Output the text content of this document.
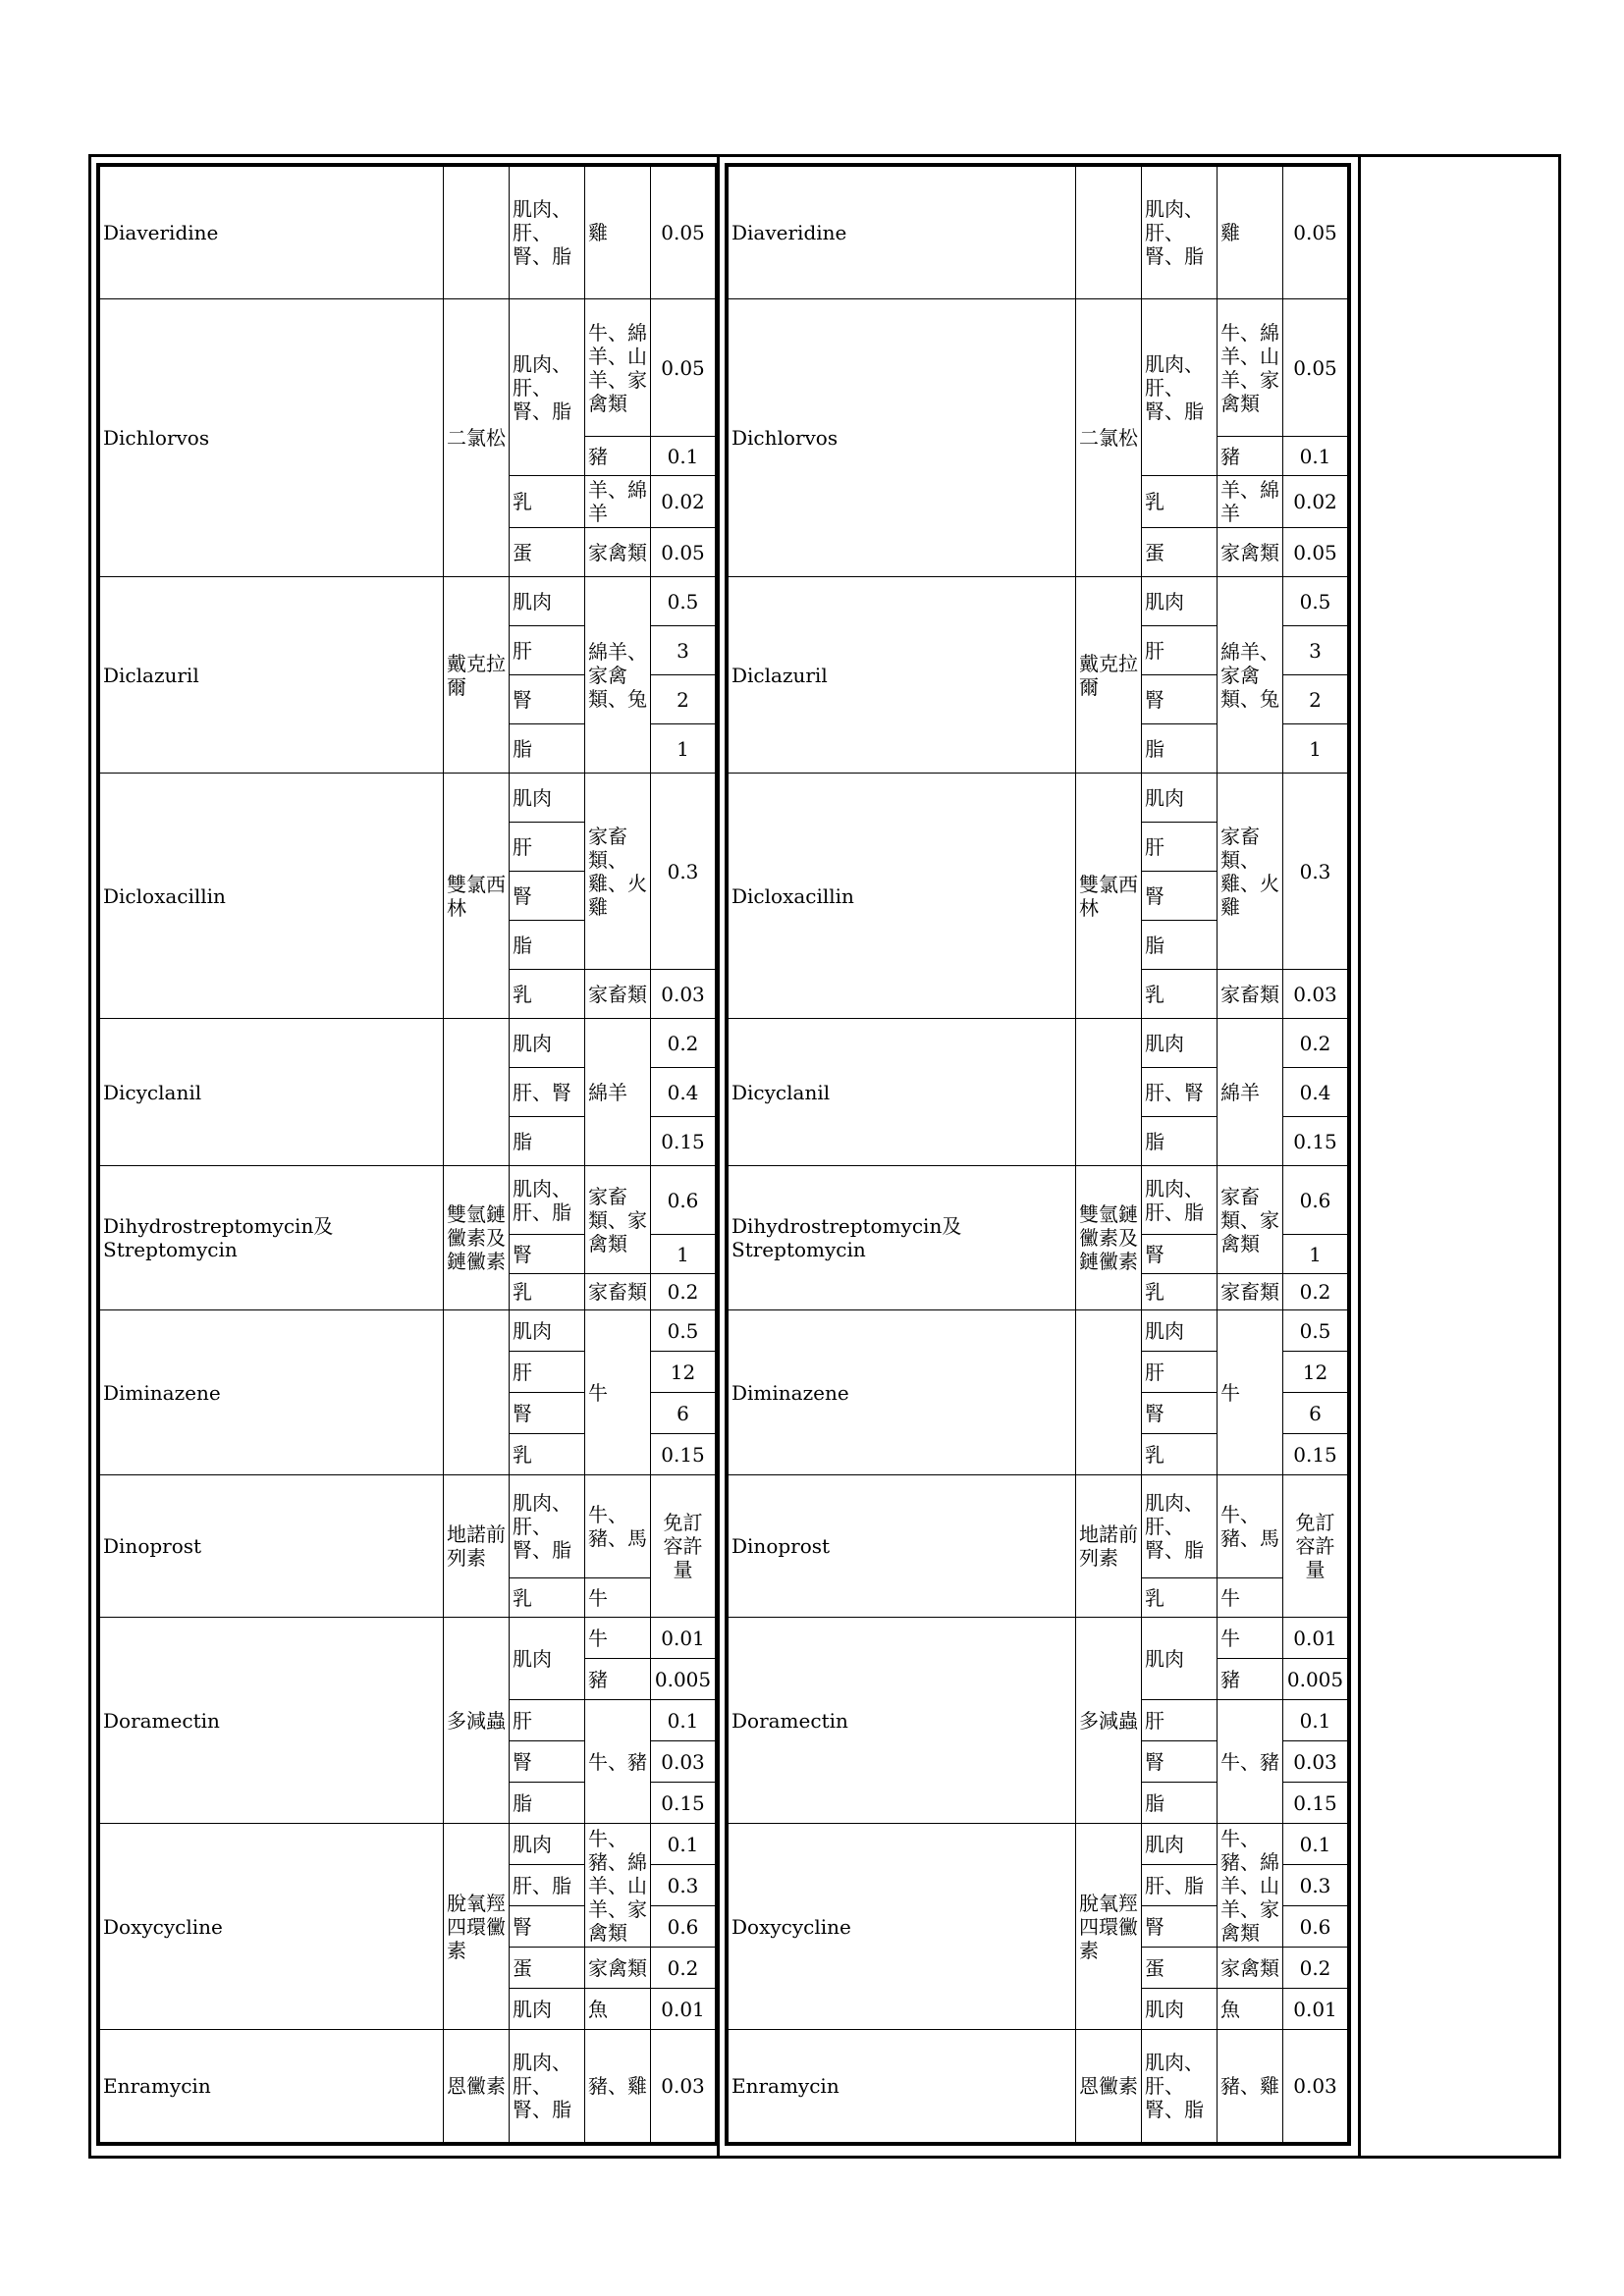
Diaveridine		肌肉、肝、腎、脂	雞	0.05
Dichlorvos	二氯松	肌肉、肝、腎、脂	牛、綿羊、山羊、家禽類	0.05
			豬	0.1
		乳	羊、綿羊	0.02
		蛋	家禽類	0.05
Diclazuril	戴克拉爾	肌肉	綿羊、家禽類、兔	0.5
		肝		3
		腎		2
		脂		1
Dicloxacillin	雙氯西林	肌肉	家畜類、雞、火雞	0.3
		肝		
		腎		
		脂		
		乳	家畜類	0.03
Dicyclanil		肌肉	綿羊	0.2
		肝、腎		0.4
		脂		0.15
Dihydrostreptomycin及Streptomycin	雙氫鏈黴素及鏈黴素	肌肉、肝、脂	家畜類、家禽類	0.6
		腎		1
		乳	家畜類	0.2
Diminazene		肌肉	牛	0.5
		肝		12
		腎		6
		乳		0.15
Dinoprost	地諾前列素	肌肉、肝、腎、脂	牛、豬、馬	免訂容許量
		乳	牛	
Doramectin	多減蟲	肌肉	牛	0.01
			豬	0.005
		肝	牛、豬	0.1
		腎		0.03
		脂		0.15
Doxycycline	脫氧羥四環黴素	肌肉	牛、豬、綿羊、山羊、家禽類	0.1
		肝、脂		0.3
		腎		0.6
		蛋	家禽類	0.2
		肌肉	魚	0.01
Enramycin	恩黴素	肌肉、肝、腎、脂	豬、雞	0.03
Diaveridine		肌肉、肝、腎、脂	雞	0.05
Dichlorvos	二氯松	肌肉、肝、腎、脂	牛、綿羊、山羊、家禽類	0.05
			豬	0.1
		乳	羊、綿羊	0.02
		蛋	家禽類	0.05
Diclazuril	戴克拉爾	肌肉	綿羊、家禽類、兔	0.5
		肝		3
		腎		2
		脂		1
Dicloxacillin	雙氯西林	肌肉	家畜類、雞、火雞	0.3
		肝		
		腎		
		脂		
		乳	家畜類	0.03
Dicyclanil		肌肉	綿羊	0.2
		肝、腎		0.4
		脂		0.15
Dihydrostreptomycin及Streptomycin	雙氫鏈黴素及鏈黴素	肌肉、肝、脂	家畜類、家禽類	0.6
		腎		1
		乳	家畜類	0.2
Diminazene		肌肉	牛	0.5
		肝		12
		腎		6
		乳		0.15
Dinoprost	地諾前列素	肌肉、肝、腎、脂	牛、豬、馬	免訂容許量
		乳	牛	
Doramectin	多減蟲	肌肉	牛	0.01
			豬	0.005
		肝	牛、豬	0.1
		腎		0.03
		脂		0.15
Doxycycline	脫氧羥四環黴素	肌肉	牛、豬、綿羊、山羊、家禽類	0.1
		肝、脂		0.3
		腎		0.6
		蛋	家禽類	0.2
		肌肉	魚	0.01
Enramycin	恩黴素	肌肉、肝、腎、脂	豬、雞	0.03
